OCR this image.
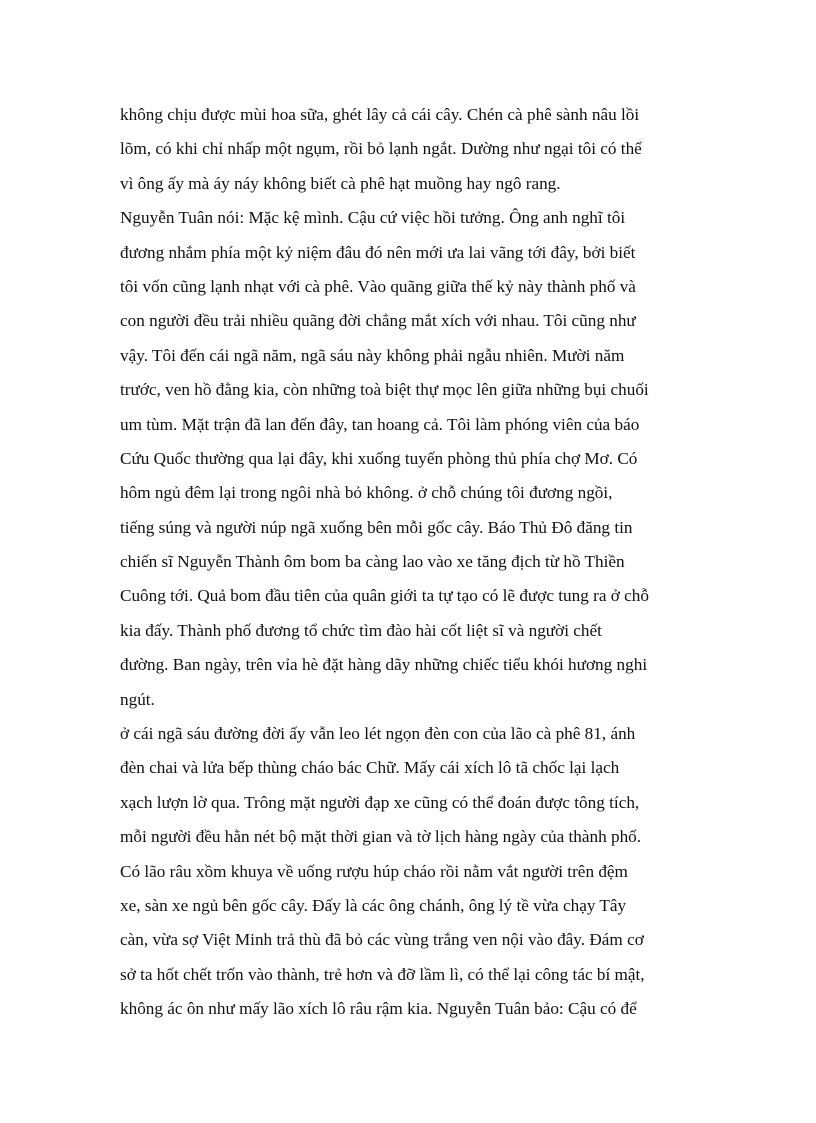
không chịu được mùi hoa sữa, ghét lây cả cái cây. Chén cà phê sành nâu lồi
lõm, có khi chỉ nhấp một ngụm, rồi bỏ lạnh ngắt. Dường như ngại tôi có thể
vì ông ấy mà áy náy không biết cà phê hạt muồng hay ngô rang.
Nguyễn Tuân nói: Mặc kệ mình. Cậu cứ việc hồi tưởng. Ông anh nghĩ tôi
đương nhắm phía một kỷ niệm đâu đó nên mới ưa lai vãng tới đây, bởi biết
tôi vốn cũng lạnh nhạt với cà phê. Vào quãng giữa thế kỷ này thành phố và
con người đều trải nhiều quãng đời chẳng mắt xích với nhau. Tôi cũng như
vậy. Tôi đến cái ngã năm, ngã sáu này không phải ngẫu nhiên. Mười năm
trước, ven hồ đằng kia, còn những toà biệt thự mọc lên giữa những bụi chuối
um tùm. Mặt trận đã lan đến đây, tan hoang cả. Tôi làm phóng viên của báo
Cứu Quốc thường qua lại đây, khi xuống tuyến phòng thủ phía chợ Mơ. Có
hôm ngủ đêm lại trong ngôi nhà bỏ không. ở chỗ chúng tôi đương ngồi,
tiếng súng và người núp ngã xuống bên mỗi gốc cây. Báo Thủ Đô đăng tin
chiến sĩ Nguyễn Thành ôm bom ba càng lao vào xe tăng địch từ hồ Thiền
Cuông tới. Quả bom đầu tiên của quân giới ta tự tạo có lẽ được tung ra ở chỗ
kia đấy. Thành phố đương tổ chức tìm đào hài cốt liệt sĩ và người chết
đường. Ban ngày, trên vỉa hè đặt hàng dãy những chiếc tiểu khói hương nghi
ngút.
ở cái ngã sáu đường đời ấy vẫn leo lét ngọn đèn con của lão cà phê 81, ánh
đèn chai và lửa bếp thùng cháo bác Chữ. Mấy cái xích lô tã chốc lại lạch
xạch lượn lờ qua. Trông mặt người đạp xe cũng có thể đoán được tông tích,
mỗi người đều hằn nét bộ mặt thời gian và tờ lịch hàng ngày của thành phố.
Có lão râu xồm khuya về uống rượu húp cháo rồi nằm vắt người trên đệm
xe, sàn xe ngủ bên gốc cây. Đấy là các ông chánh, ông lý tề vừa chạy Tây
càn, vừa sợ Việt Minh trả thù đã bỏ các vùng trắng ven nội vào đây. Đám cơ
sở ta hốt chết trốn vào thành, trẻ hơn và đỡ lầm lì, có thể lại công tác bí mật,
không ác ôn như mấy lão xích lô râu rậm kia. Nguyễn Tuân bảo: Cậu có để
